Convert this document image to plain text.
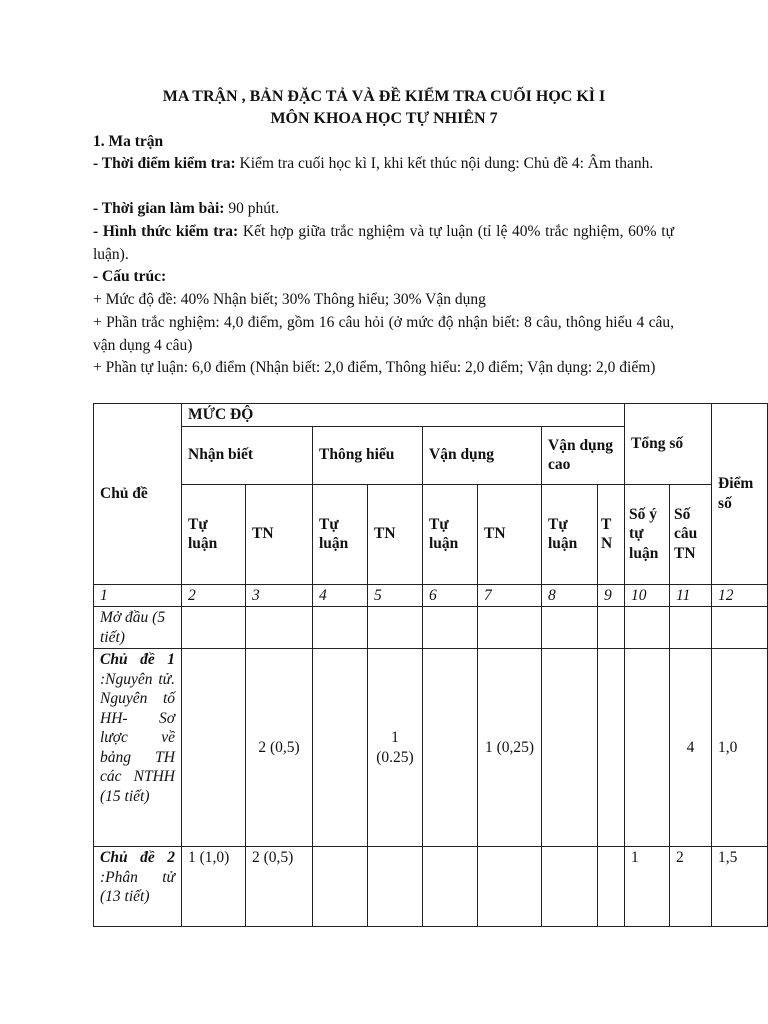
MA TRẬN , BẢN ĐẶC TẢ VÀ ĐỀ KIỂM TRA CUỐI HỌC KÌ I
MÔN KHOA HỌC TỰ NHIÊN 7
1. Ma trận
- Thời điểm kiểm tra: Kiểm tra cuối học kì I, khi kết thúc nội dung: Chủ đề 4: Âm thanh.
- Thời gian làm bài: 90 phút.
- Hình thức kiểm tra: Kết hợp giữa trắc nghiệm và tự luận (tỉ lệ 40% trắc nghiệm, 60% tự luận).
- Cấu trúc:
+ Mức độ đề: 40% Nhận biết; 30% Thông hiểu; 30% Vận dụng
+ Phần trắc nghiệm: 4,0 điểm, gồm 16 câu hỏi (ở mức độ nhận biết: 8 câu, thông hiểu 4 câu, vận dụng 4 câu)
+ Phần tự luận: 6,0 điểm (Nhận biết: 2,0 điểm, Thông hiểu: 2,0 điểm; Vận dụng: 2,0 điểm)
Chủ đề	MỨC ĐỘ								Tổng số		Điểm số
	Nhận biết		Thông hiểu		Vận dụng		Vận dụng cao				
	Tự luận	TN	Tự luận	TN	Tự luận	TN	Tự luận	T N	Số ý tự luận	Số câu TN	
1	2	3	4	5	6	7	8	9	10	11	12
Mở đầu (5 tiết)											
Chủ đề 1 :Nguyên tử. Nguyên tố HH- Sơ lược về bảng TH các NTHH (15 tiết)		2 (0,5)		1 (0.25)		1 (0,25)				4	1,0
Chủ đề 2 :Phân tử (13 tiết)	1 (1,0)	2 (0,5)							1	2	1,5
